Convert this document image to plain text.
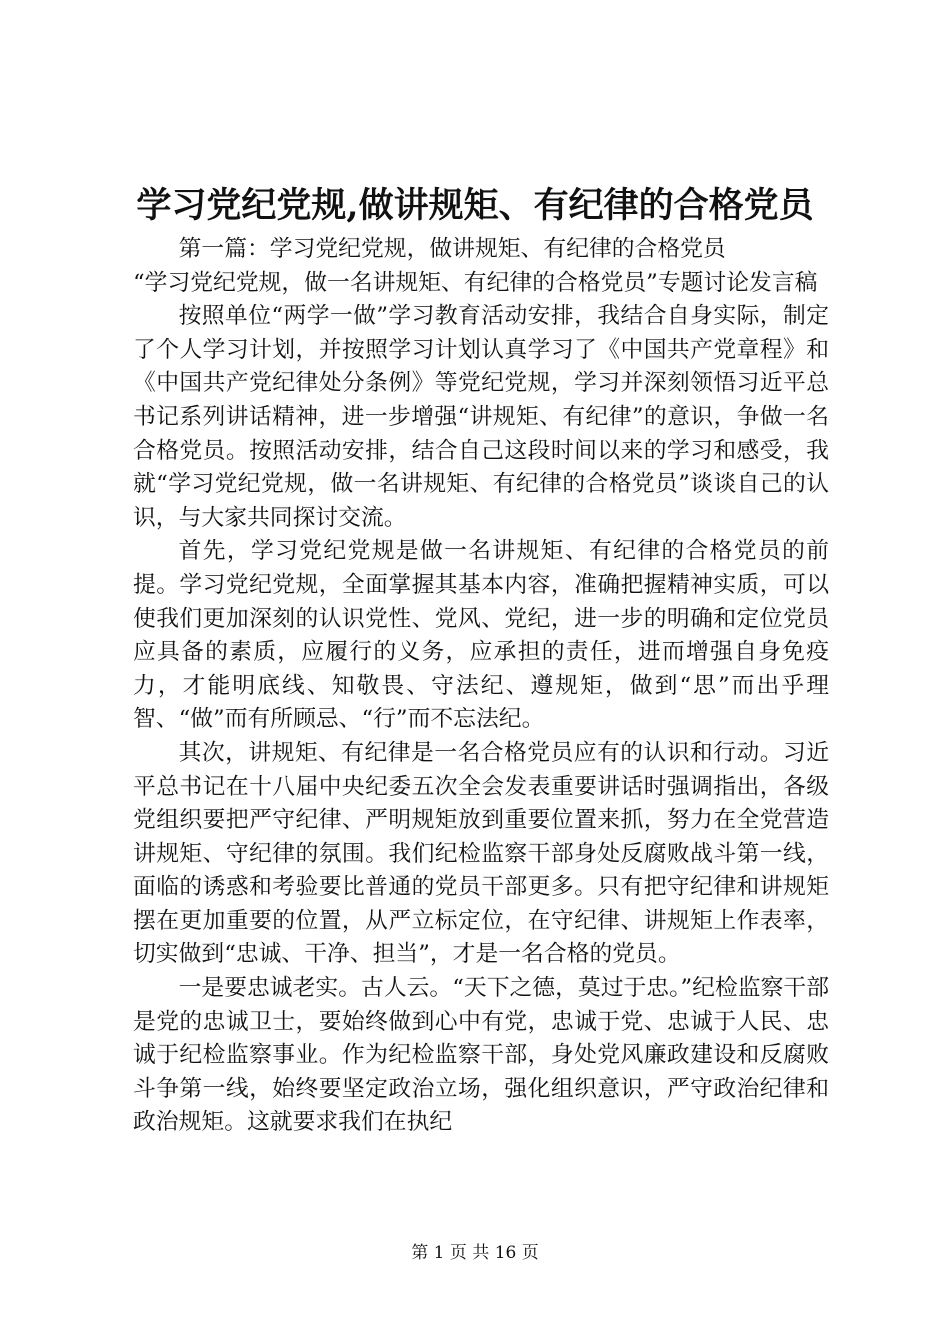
学习党纪党规,做讲规矩、有纪律的合格党员

第一篇：学习党纪党规，做讲规矩、有纪律的合格党员

“学习党纪党规，做一名讲规矩、有纪律的合格党员”专题讨论发言稿

按照单位“两学一做”学习教育活动安排，我结合自身实际，制定了个人学习计划，并按照学习计划认真学习了《中国共产党章程》和《中国共产党纪律处分条例》等党纪党规，学习并深刻领悟习近平总书记系列讲话精神，进一步增强“讲规矩、有纪律”的意识，争做一名合格党员。按照活动安排，结合自己这段时间以来的学习和感受，我就“学习党纪党规，做一名讲规矩、有纪律的合格党员”谈谈自己的认识，与大家共同探讨交流。

首先，学习党纪党规是做一名讲规矩、有纪律的合格党员的前提。学习党纪党规，全面掌握其基本内容，准确把握精神实质，可以使我们更加深刻的认识党性、党风、党纪，进一步的明确和定位党员应具备的素质，应履行的义务，应承担的责任，进而增强自身免疫力，才能明底线、知敬畏、守法纪、遵规矩，做到“思”而出乎理智、“做”而有所顾忌、“行”而不忘法纪。

其次，讲规矩、有纪律是一名合格党员应有的认识和行动。习近平总书记在十八届中央纪委五次全会发表重要讲话时强调指出，各级党组织要把严守纪律、严明规矩放到重要位置来抓，努力在全党营造讲规矩、守纪律的氛围。我们纪检监察干部身处反腐败战斗第一线，面临的诱惑和考验要比普通的党员干部更多。只有把守纪律和讲规矩摆在更加重要的位置，从严立标定位，在守纪律、讲规矩上作表率，切实做到“忠诚、干净、担当”，才是一名合格的党员。

一是要忠诚老实。古人云。“天下之德，莫过于忠。”纪检监察干部是党的忠诚卫士，要始终做到心中有党，忠诚于党、忠诚于人民、忠诚于纪检监察事业。作为纪检监察干部，身处党风廉政建设和反腐败斗争第一线，始终要坚定政治立场，强化组织意识，严守政治纪律和政治规矩。这就要求我们在执纪

第 1 页 共 16 页
